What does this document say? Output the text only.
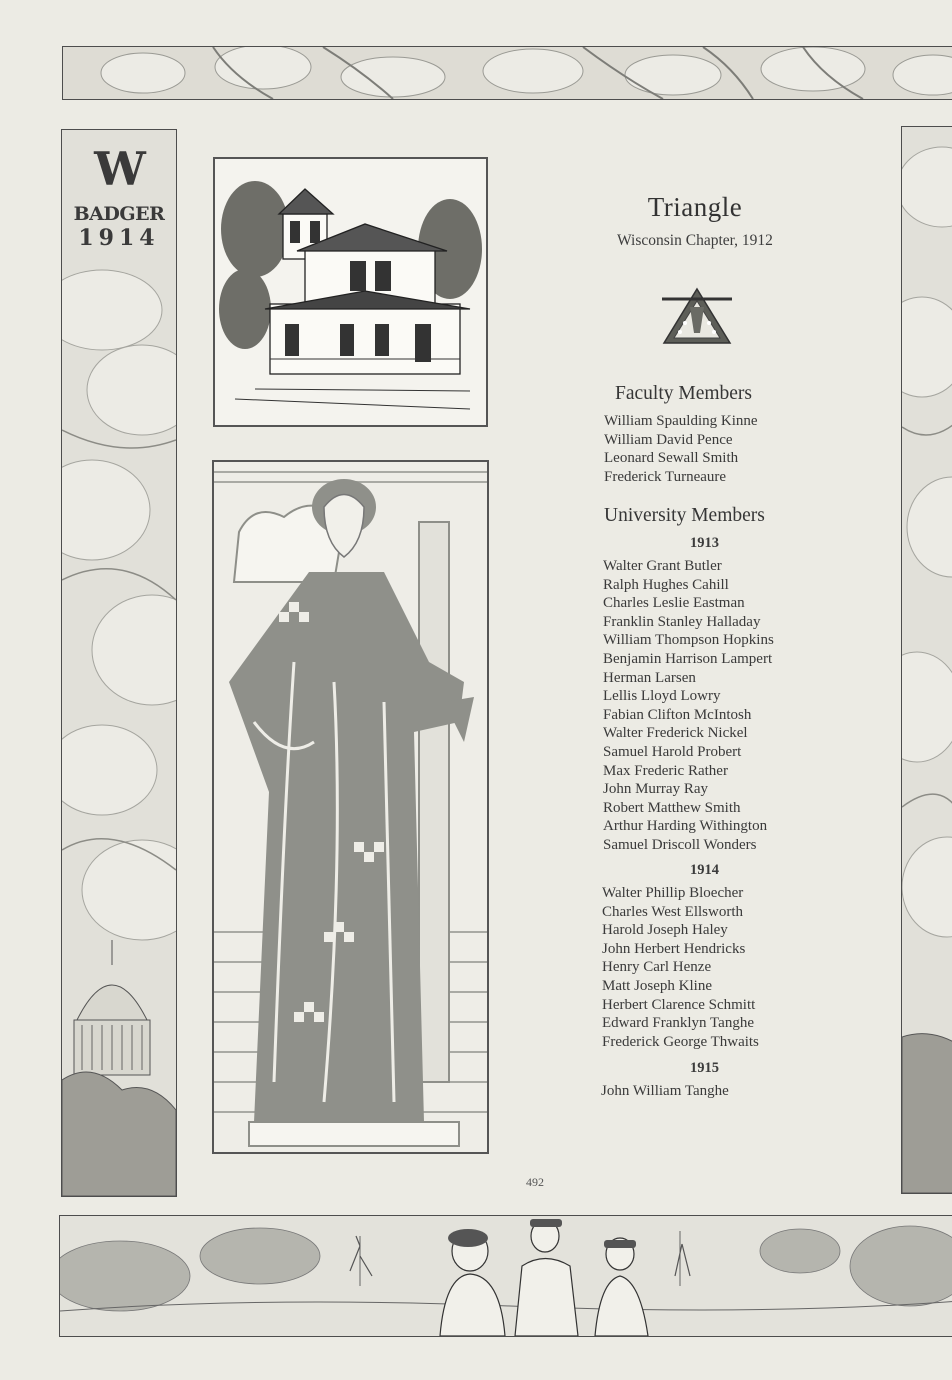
W
BADGER
1914
Triangle
Wisconsin Chapter, 1912
Faculty Members
William Spaulding Kinne
William David Pence
Leonard Sewall Smith
Frederick Turneaure
University Members
1913
Walter Grant Butler
Ralph Hughes Cahill
Charles Leslie Eastman
Franklin Stanley Halladay
William Thompson Hopkins
Benjamin Harrison Lampert
Herman Larsen
Lellis Lloyd Lowry
Fabian Clifton McIntosh
Walter Frederick Nickel
Samuel Harold Probert
Max Frederic Rather
John Murray Ray
Robert Matthew Smith
Arthur Harding Withington
Samuel Driscoll Wonders
1914
Walter Phillip Bloecher
Charles West Ellsworth
Harold Joseph Haley
John Herbert Hendricks
Henry Carl Henze
Matt Joseph Kline
Herbert Clarence Schmitt
Edward Franklyn Tanghe
Frederick George Thwaits
1915
John William Tanghe
492
